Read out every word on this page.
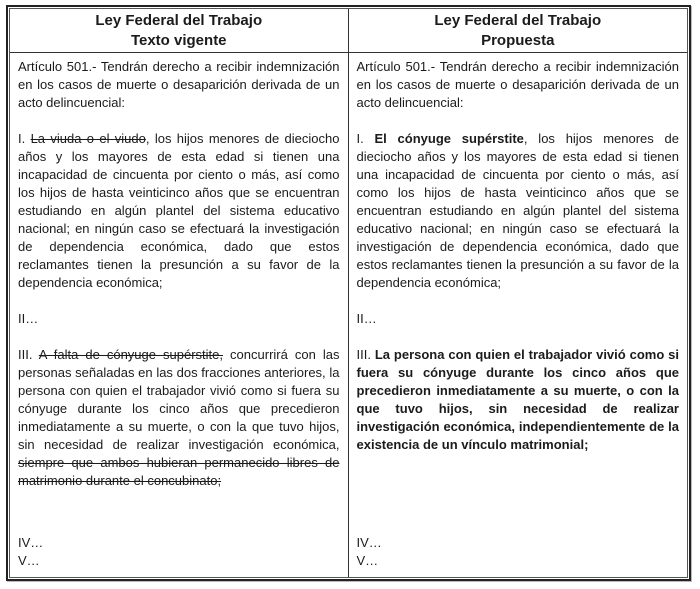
Ley Federal del Trabajo
Texto vigente
Ley Federal del Trabajo
Propuesta

Artículo 501.- Tendrán derecho a recibir indemnización en los casos de muerte o desaparición derivada de un acto delincuencial:

I. La viuda o el viudo, los hijos menores de dieciocho años y los mayores de esta edad si tienen una incapacidad de cincuenta por ciento o más, así como los hijos de hasta veinticinco años que se encuentran estudiando en algún plantel del sistema educativo nacional; en ningún caso se efectuará la investigación de dependencia económica, dado que estos reclamantes tienen la presunción a su favor de la dependencia económica;

II…

III. A falta de cónyuge supérstite, concurrirá con las personas señaladas en las dos fracciones anteriores, la persona con quien el trabajador vivió como si fuera su cónyuge durante los cinco años que precedieron inmediatamente a su muerte, o con la que tuvo hijos, sin necesidad de realizar investigación económica, siempre que ambos hubieran permanecido libres de matrimonio durante el concubinato;

IV…

V…

Artículo 501.- Tendrán derecho a recibir indemnización en los casos de muerte o desaparición derivada de un acto delincuencial:

I. El cónyuge supérstite, los hijos menores de dieciocho años y los mayores de esta edad si tienen una incapacidad de cincuenta por ciento o más, así como los hijos de hasta veinticinco años que se encuentran estudiando en algún plantel del sistema educativo nacional; en ningún caso se efectuará la investigación de dependencia económica, dado que estos reclamantes tienen la presunción a su favor de la dependencia económica;

II…

III. La persona con quien el trabajador vivió como si fuera su cónyuge durante los cinco años que precedieron inmediatamente a su muerte, o con la que tuvo hijos, sin necesidad de realizar investigación económica, independientemente de la existencia de un vínculo matrimonial;

IV…

V…
